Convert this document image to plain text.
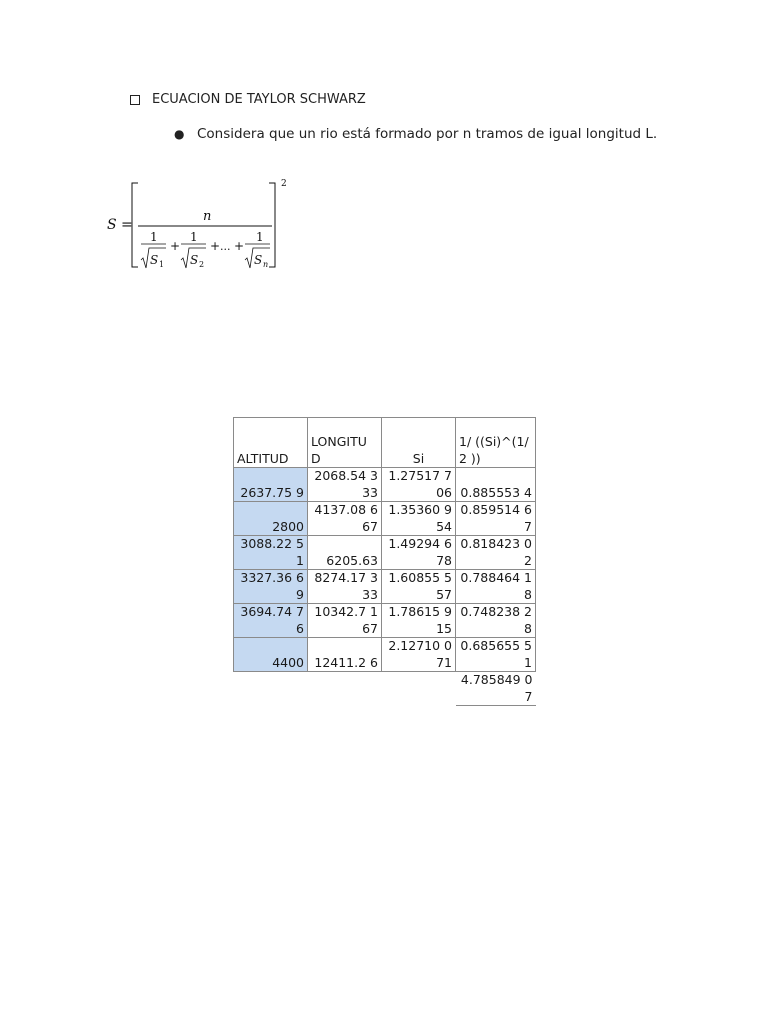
ECUACION DE TAYLOR SCHWARZ
● Considera que un rio está formado por n tramos de igual longitud L.
S =
2
n
1
S 1
+
1
S 2
+ ... +
1
S n
ALTITUD	LONGITU D	Si	1/ ((Si)^(1/2 ))
2637.75 9	2068.54 333	1.27517 706	0.885553 4
2800	4137.08 667	1.35360 954	0.859514 67
3088.22 51	6205.63	1.49294 678	0.818423 02
3327.36 69	8274.17 333	1.60855 557	0.788464 18
3694.74 76	10342.7 167	1.78615 915	0.748238 28
4400	12411.2 6	2.12710 071	0.685655 51
			4.785849 07
